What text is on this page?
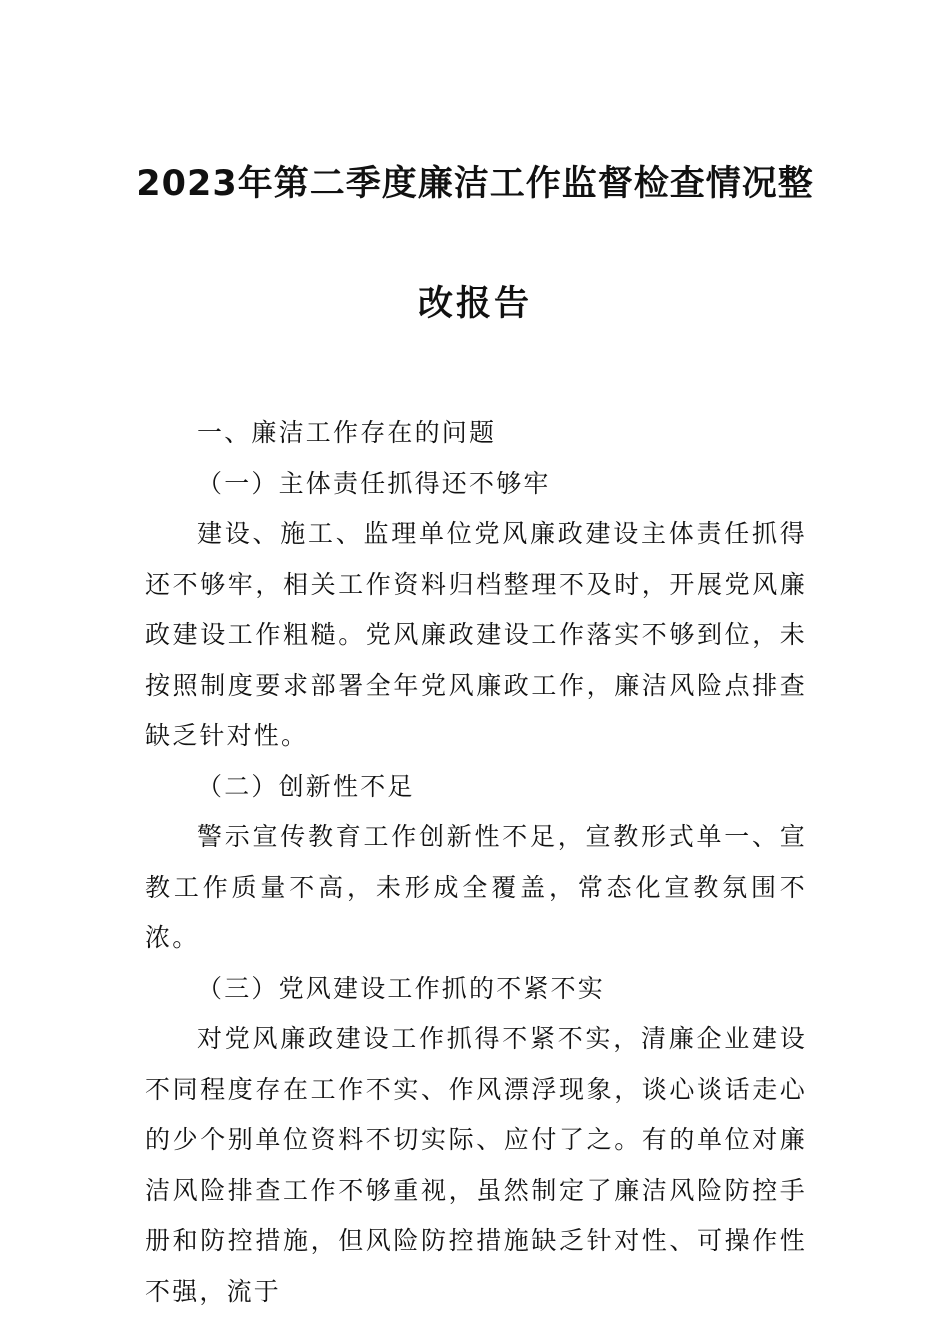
2023年第二季度廉洁工作监督检查情况整
改报告

一、廉洁工作存在的问题

（一）主体责任抓得还不够牢

建设、施工、监理单位党风廉政建设主体责任抓得还不够牢，相关工作资料归档整理不及时，开展党风廉政建设工作粗糙。党风廉政建设工作落实不够到位，未按照制度要求部署全年党风廉政工作，廉洁风险点排查缺乏针对性。

（二）创新性不足

警示宣传教育工作创新性不足，宣教形式单一、宣教工作质量不高，未形成全覆盖，常态化宣教氛围不浓。

（三）党风建设工作抓的不紧不实

对党风廉政建设工作抓得不紧不实，清廉企业建设不同程度存在工作不实、作风漂浮现象，谈心谈话走心的少个别单位资料不切实际、应付了之。有的单位对廉洁风险排查工作不够重视，虽然制定了廉洁风险防控手册和防控措施，但风险防控措施缺乏针对性、可操作性不强，流于
